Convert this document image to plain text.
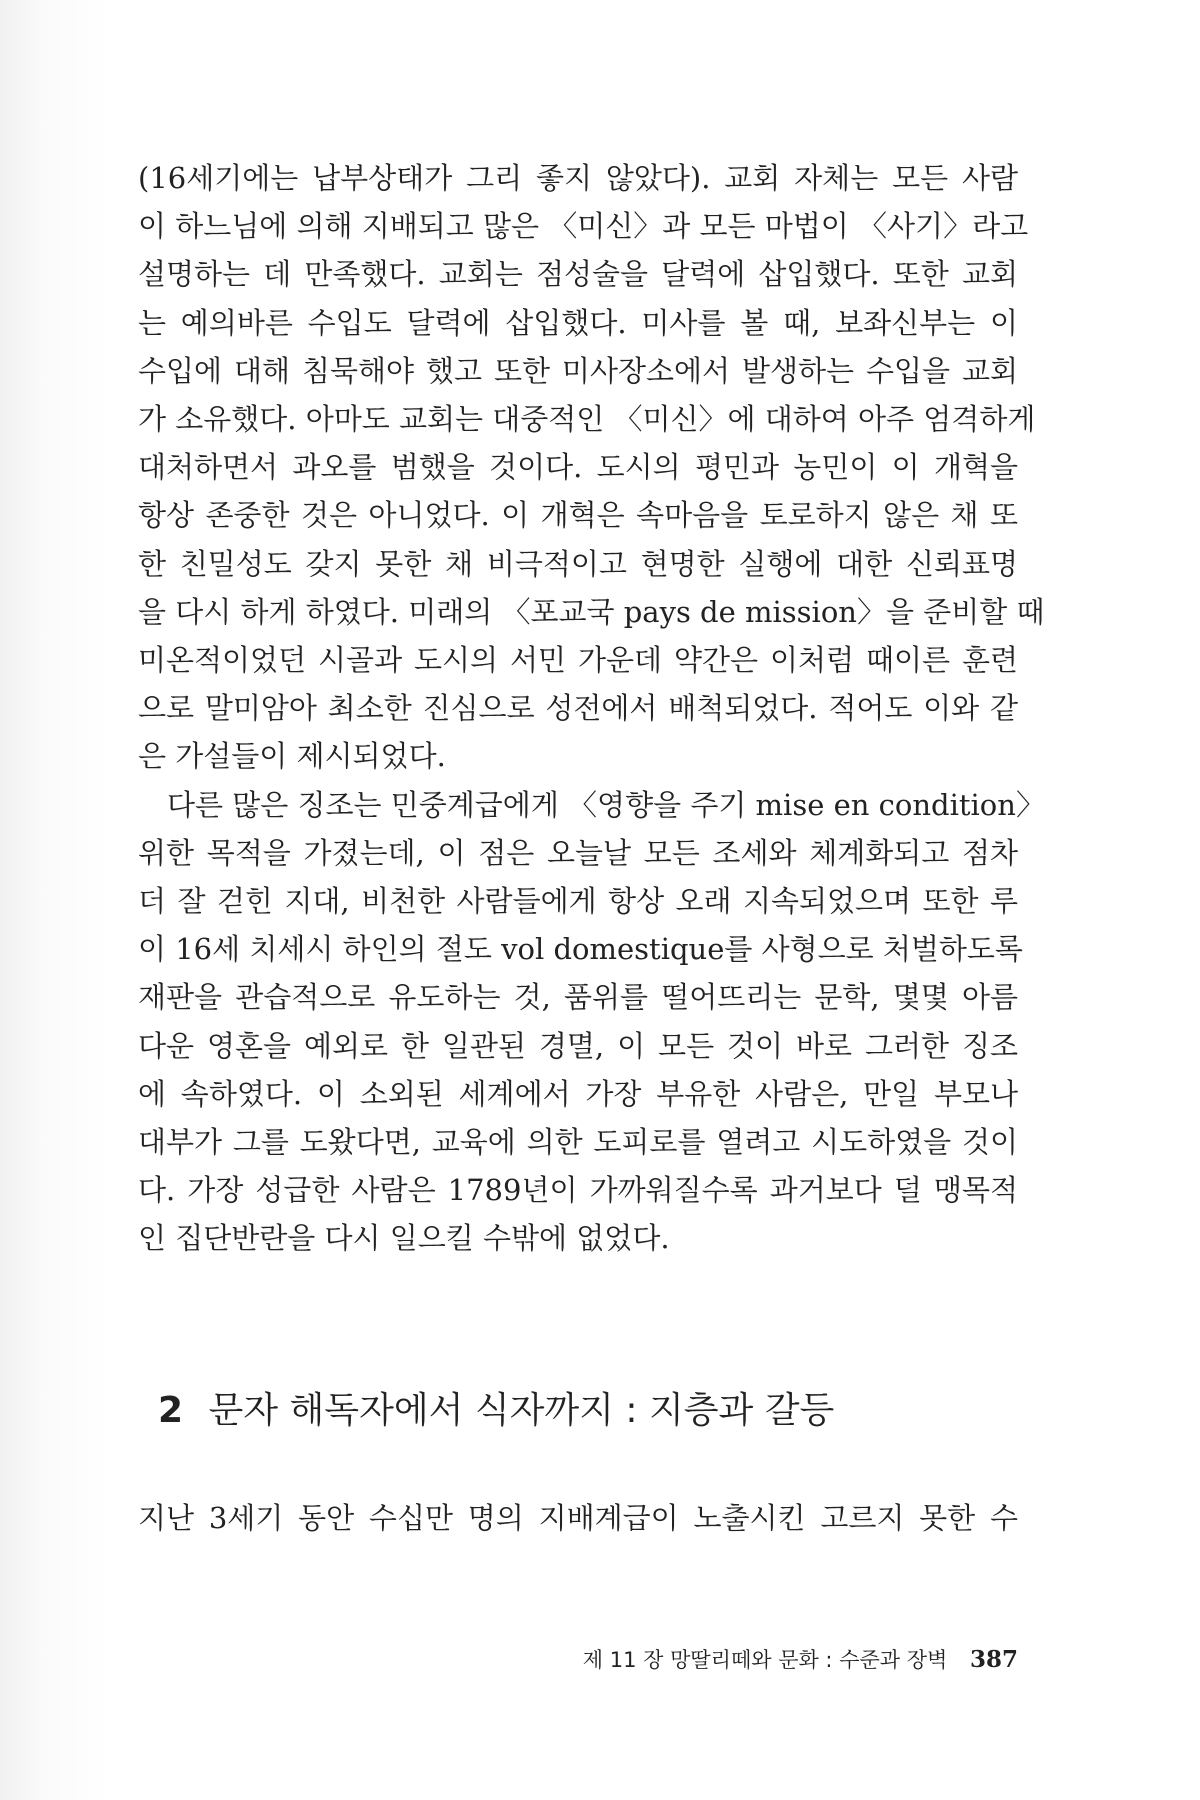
(16세기에는 납부상태가 그리 좋지 않았다). 교회 자체는 모든 사람
이 하느님에 의해 지배되고 많은 〈미신〉과 모든 마법이 〈사기〉라고
설명하는 데 만족했다. 교회는 점성술을 달력에 삽입했다. 또한 교회
는 예의바른 수입도 달력에 삽입했다. 미사를 볼 때, 보좌신부는 이
수입에 대해 침묵해야 했고 또한 미사장소에서 발생하는 수입을 교회
가 소유했다. 아마도 교회는 대중적인 〈미신〉에 대하여 아주 엄격하게
대처하면서 과오를 범했을 것이다. 도시의 평민과 농민이 이 개혁을
항상 존중한 것은 아니었다. 이 개혁은 속마음을 토로하지 않은 채 또
한 친밀성도 갖지 못한 채 비극적이고 현명한 실행에 대한 신뢰표명
을 다시 하게 하였다. 미래의 〈포교국 pays de mission〉을 준비할 때
미온적이었던 시골과 도시의 서민 가운데 약간은 이처럼 때이른 훈련
으로 말미암아 최소한 진심으로 성전에서 배척되었다. 적어도 이와 같
은 가설들이 제시되었다.
　다른 많은 징조는 민중계급에게 〈영향을 주기 mise en condition〉
위한 목적을 가졌는데, 이 점은 오늘날 모든 조세와 체계화되고 점차
더 잘 걷힌 지대, 비천한 사람들에게 항상 오래 지속되었으며 또한 루
이 16세 치세시 하인의 절도 vol domestique를 사형으로 처벌하도록
재판을 관습적으로 유도하는 것, 품위를 떨어뜨리는 문학, 몇몇 아름
다운 영혼을 예외로 한 일관된 경멸, 이 모든 것이 바로 그러한 징조
에 속하였다. 이 소외된 세계에서 가장 부유한 사람은, 만일 부모나
대부가 그를 도왔다면, 교육에 의한 도피로를 열려고 시도하였을 것이
다. 가장 성급한 사람은 1789년이 가까워질수록 과거보다 덜 맹목적
인 집단반란을 다시 일으킬 수밖에 없었다.
2 문자 해독자에서 식자까지 : 지층과 갈등
지난 3세기 동안 수십만 명의 지배계급이 노출시킨 고르지 못한 수
제 11 장 망딸리떼와 문화 : 수준과 장벽 387
